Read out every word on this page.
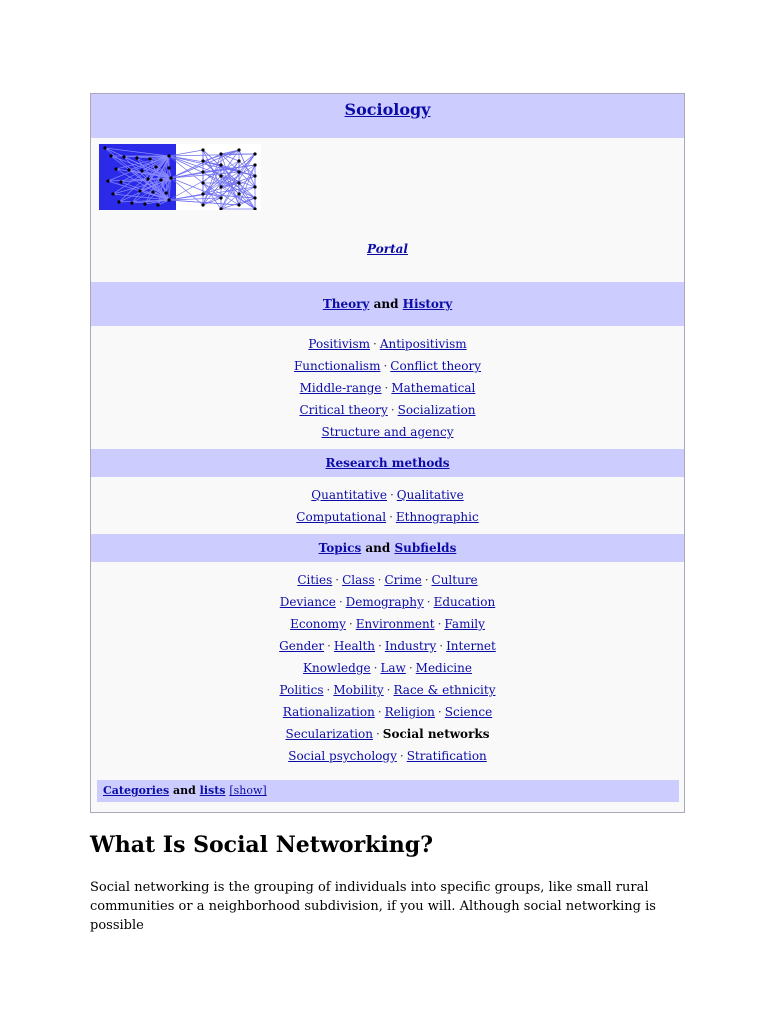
Sociology
Portal
Theory and History
Positivism · Antipositivism
Functionalism · Conflict theory
Middle-range · Mathematical
Critical theory · Socialization
Structure and agency
Research methods
Quantitative · Qualitative
Computational · Ethnographic
Topics and Subfields
Cities · Class · Crime · Culture
Deviance · Demography · Education
Economy · Environment · Family
Gender · Health · Industry · Internet
Knowledge · Law · Medicine
Politics · Mobility · Race & ethnicity
Rationalization · Religion · Science
Secularization · Social networks
Social psychology · Stratification
Categories and lists [show]
What Is Social Networking?

Social networking is the grouping of individuals into specific groups, like small rural communities or a neighborhood subdivision, if you will. Although social networking is possible
